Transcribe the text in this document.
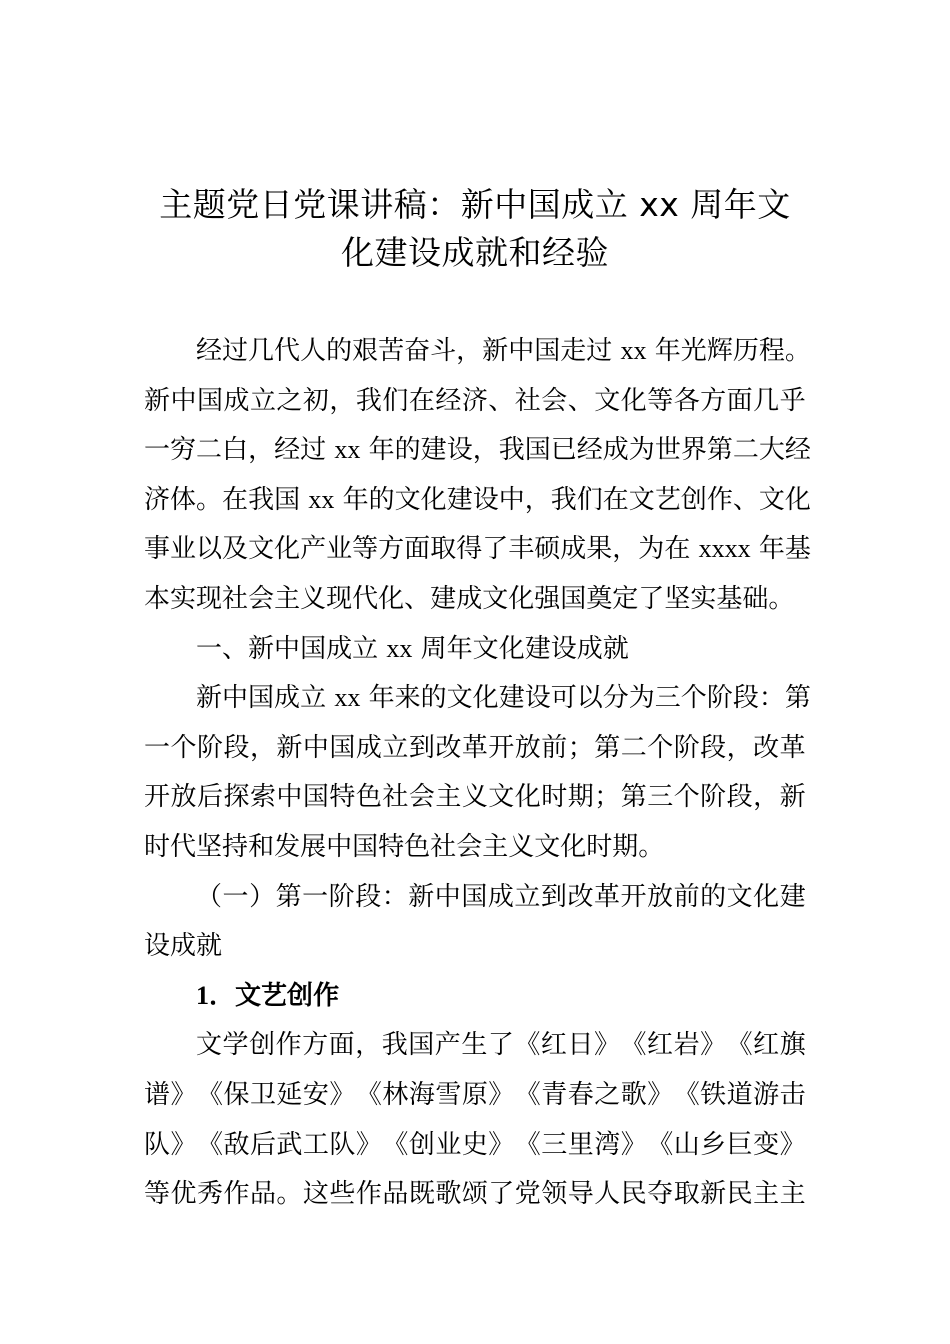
主题党日党课讲稿：新中国成立 xx 周年文
化建设成就和经验
经 过 几 代 人 的 艰 苦 奋 斗 ， 新 中 国 走 过
xx
年 光 辉 历 程 。
新 中 国 成 立 之 初 ， 我 们 在 经 济 、 社 会 、 文 化 等 各 方 面 几 乎
一 穷 二 白 ， 经 过
xx
年 的 建 设 ， 我 国 已 经 成 为 世 界 第 二 大 经
济 体 。 在 我 国
xx
年 的 文 化 建 设 中 ， 我 们 在 文 艺 创 作 、 文 化
事 业 以 及 文 化 产 业 等 方 面 取 得 了 丰 硕 成 果 ， 为 在
xxxx
年 基
本 实 现 社 会 主 义 现 代 化 、 建 成 文 化 强 国 奠 定 了 坚 实 基 础 。
一 、 新 中 国 成 立
xx
周 年 文 化 建 设 成 就
新 中 国 成 立
xx
年 来 的 文 化 建 设 可 以 分 为 三 个 阶 段 ： 第
一 个 阶 段 ， 新 中 国 成 立 到 改 革 开 放 前 ； 第 二 个 阶 段 ， 改 革
开 放 后 探 索 中 国 特 色 社 会 主 义 文 化 时 期 ； 第 三 个 阶 段 ， 新
时 代 坚 持 和 发 展 中 国 特 色 社 会 主 义 文 化 时 期 。
（ 一 ） 第 一 阶 段 ： 新 中 国 成 立 到 改 革 开 放 前 的 文 化 建
设 成 就
1 ． 文 艺 创 作
文 学 创 作 方 面 ， 我 国 产 生 了 《 红 日 》 《 红 岩 》 《 红 旗
谱 》 《 保 卫 延 安 》 《 林 海 雪 原 》 《 青 春 之 歌 》 《 铁 道 游 击
队 》 《 敌 后 武 工 队 》 《 创 业 史 》 《 三 里 湾 》 《 山 乡 巨 变 》
等 优 秀 作 品 。 这 些 作 品 既 歌 颂 了 党 领 导 人 民 夺 取 新 民 主 主
